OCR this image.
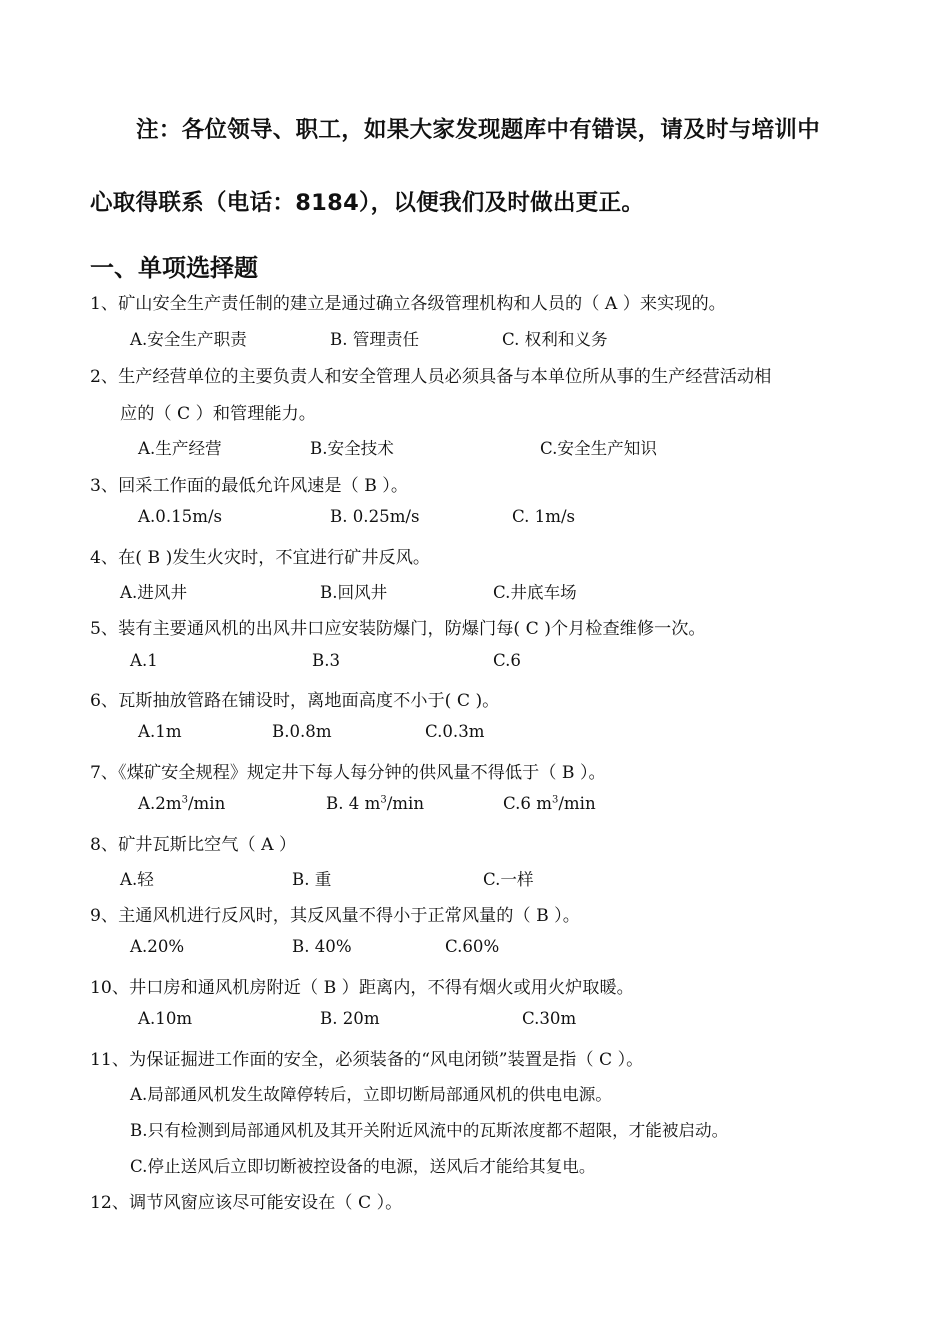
注：各位领导、职工，如果大家发现题库中有错误，请及时与培训中
心取得联系（电话：8184），以便我们及时做出更正。
一、单项选择题
1、矿山安全生产责任制的建立是通过确立各级管理机构和人员的（ A ）来实现的。
A.安全生产职责	B. 管理责任	C. 权利和义务
2、生产经营单位的主要负责人和安全管理人员必须具备与本单位所从事的生产经营活动相
应的（ C ）和管理能力。
A.生产经营	B.安全技术	C.安全生产知识
3、回采工作面的最低允许风速是（ B ）。
A.0.15m/s	B. 0.25m/s	C. 1m/s
4、在( B )发生火灾时，不宜进行矿井反风。
A.进风井	B.回风井	C.井底车场
5、装有主要通风机的出风井口应安装防爆门，防爆门每( C )个月检查维修一次。
A.1	B.3	C.6
6、瓦斯抽放管路在铺设时，离地面高度不小于( C )。
A.1m	B.0.8m	C.0.3m
7、《煤矿安全规程》规定井下每人每分钟的供风量不得低于（ B ）。
$A.2m^3/\min$	B. 4 $m^3/\min$	C.6 $m^3/\min$
8、矿井瓦斯比空气（ A ）
A.轻	B. 重	C.一样
9、主通风机进行反风时，其反风量不得小于正常风量的（ B ）。
A.20%	B. 40%	C.60%
10、井口房和通风机房附近（ B ）距离内，不得有烟火或用火炉取暖。
A.10m	B. 20m	C.30m
11、为保证掘进工作面的安全，必须装备的“风电闭锁”装置是指（ C ）。
A.局部通风机发生故障停转后，立即切断局部通风机的供电电源。
B.只有检测到局部通风机及其开关附近风流中的瓦斯浓度都不超限，才能被启动。
C.停止送风后立即切断被控设备的电源，送风后才能给其复电。
12、调节风窗应该尽可能安设在（ C ）。
